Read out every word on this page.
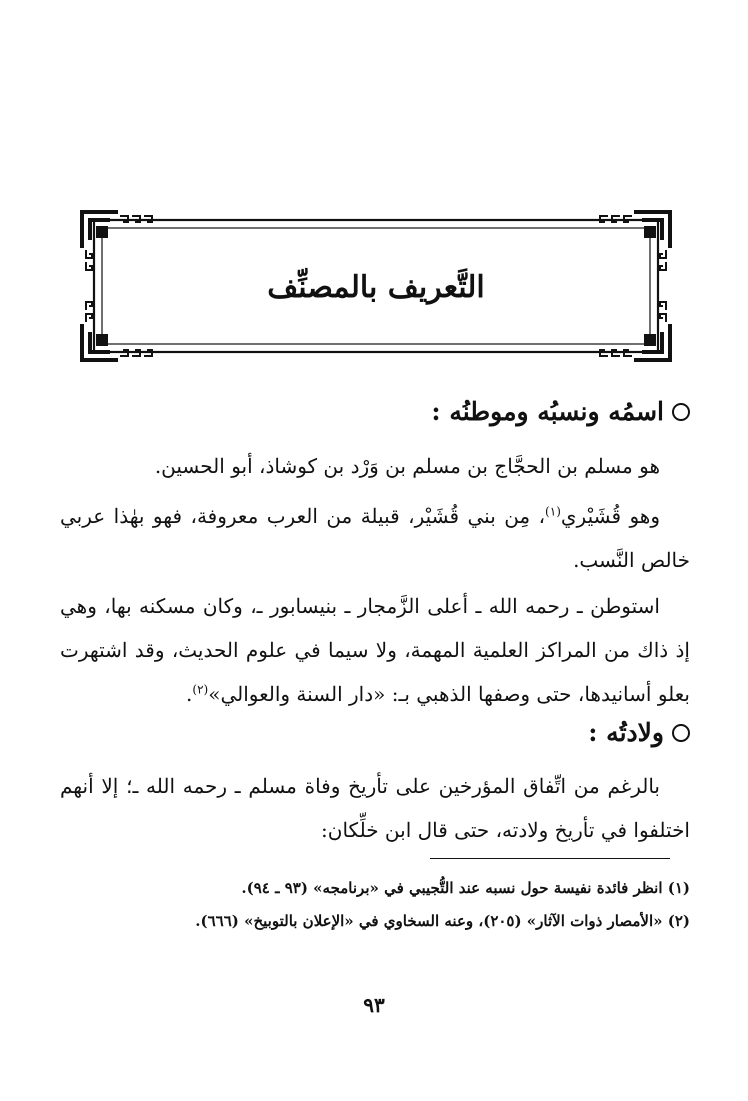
التَّعريف بالمصنِّف
اسمُه ونسبُه وموطنُه :
هو مسلم بن الحجَّاج بن مسلم بن وَرْد بن كوشاذ، أبو الحسين.
وهو قُشَيْري$^{(١)}$، مِن بني قُشَيْر، قبيلة من العرب معروفة، فهو بهٰذا عربي خالص النَّسب.
استوطن ـ رحمه الله ـ أعلى الزَّمجار ـ بنيسابور ـ، وكان مسكنه بها، وهي إذ ذاك من المراكز العلمية المهمة، ولا سيما في علوم الحديث، وقد اشتهرت بعلو أسانيدها، حتى وصفها الذهبي بـ: «دار السنة والعوالي»$^{(٢)}$.
ولادتُه :
بالرغم من اتِّفاق المؤرخين على تأريخ وفاة مسلم ـ رحمه الله ـ؛ إلا أنهم اختلفوا في تأريخ ولادته، حتى قال ابن خلِّكان:

(١) انظر فائدة نفيسة حول نسبه عند التُّجيبي في «برنامجه» (٩٣ ـ ٩٤).

(٢) «الأمصار ذوات الآثار» (٢٠٥)، وعنه السخاوي في «الإعلان بالتوبيخ» (٦٦٦).

٩٣
